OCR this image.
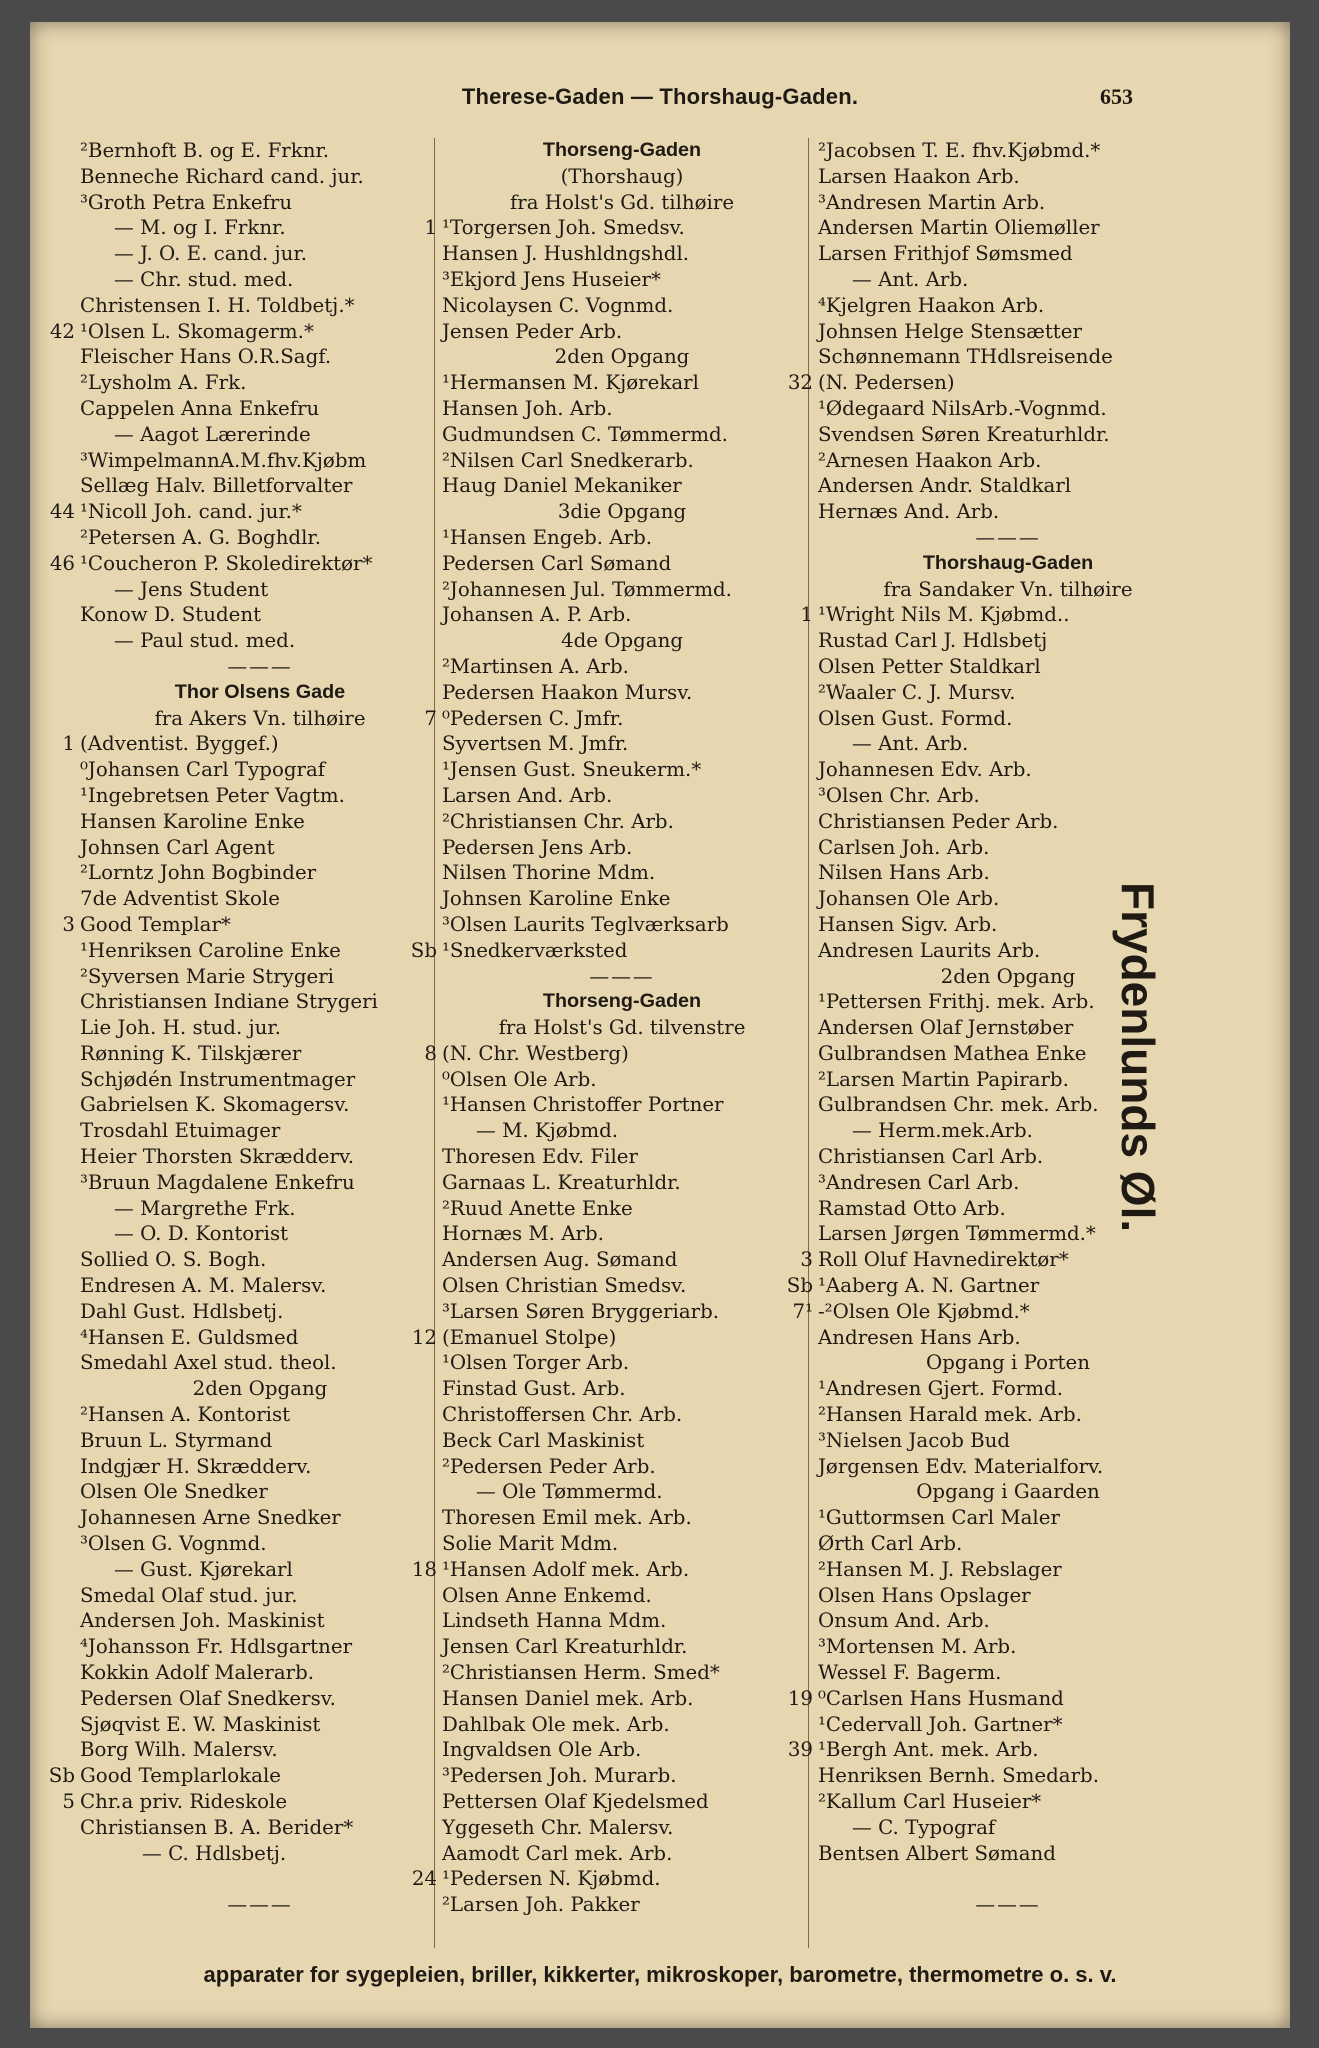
Therese-Gaden — Thorshaug-Gaden.	653
²Bernhoft B. og E. Frknr.
Benneche Richard cand. jur.
³Groth Petra Enkefru
— M. og I. Frknr.
— J. O. E. cand. jur.
— Chr. stud. med.
Christensen I. H. Toldbetj.*
42 ¹Olsen L. Skomagerm.*
Fleischer Hans O.R.Sagf.
²Lysholm A. Frk.
Cappelen Anna Enkefru
— Aagot Lærerinde
³WimpelmannA.M.fhv.Kjøbm
Sellæg Halv. Billetforvalter
44 ¹Nicoll Joh. cand. jur.*
²Petersen A. G. Boghdlr.
46 ¹Coucheron P. Skoledirektør*
— Jens Student
Konow D. Student
— Paul stud. med.
———
Thor Olsens Gade
fra Akers Vn. tilhøire
1 (Adventist. Byggef.)
⁰Johansen Carl Typograf
¹Ingebretsen Peter Vagtm.
Hansen Karoline Enke
Johnsen Carl Agent
²Lorntz John Bogbinder
7de Adventist Skole
3 Good Templar*
¹Henriksen Caroline Enke
²Syversen Marie Strygeri
Christiansen Indiane Strygeri
Lie Joh. H. stud. jur.
Rønning K. Tilskjærer
Schjødén Instrumentmager
Gabrielsen K. Skomagersv.
Trosdahl Etuimager
Heier Thorsten Skrædderv.
³Bruun Magdalene Enkefru
— Margrethe Frk.
— O. D. Kontorist
Sollied O. S. Bogh.
Endresen A. M. Malersv.
Dahl Gust. Hdlsbetj.
⁴Hansen E. Guldsmed
Smedahl Axel stud. theol.
2den Opgang
²Hansen A. Kontorist
Bruun L. Styrmand
Indgjær H. Skrædderv.
Olsen Ole Snedker
Johannesen Arne Snedker
³Olsen G. Vognmd.
— Gust. Kjørekarl
Smedal Olaf stud. jur.
Andersen Joh. Maskinist
⁴Johansson Fr. Hdlsgartner
Kokkin Adolf Malerarb.
Pedersen Olaf Snedkersv.
Sjøqvist E. W. Maskinist
Borg Wilh. Malersv.
Sb Good Templarlokale
5 Chr.a priv. Rideskole
Christiansen B. A. Berider*
— C. Hdlsbetj.
———
Thorseng-Gaden
(Thorshaug)
fra Holst's Gd. tilhøire
1 ¹Torgersen Joh. Smedsv.
Hansen J. Hushldngshdl.
³Ekjord Jens Huseier*
Nicolaysen C. Vognmd.
Jensen Peder Arb.
2den Opgang
¹Hermansen M. Kjørekarl
Hansen Joh. Arb.
Gudmundsen C. Tømmermd.
²Nilsen Carl Snedkerarb.
Haug Daniel Mekaniker
3die Opgang
¹Hansen Engeb. Arb.
Pedersen Carl Sømand
²Johannesen Jul. Tømmermd.
Johansen A. P. Arb.
4de Opgang
²Martinsen A. Arb.
Pedersen Haakon Mursv.
7 ⁰Pedersen C. Jmfr.
Syvertsen M. Jmfr.
¹Jensen Gust. Sneukerm.*
Larsen And. Arb.
²Christiansen Chr. Arb.
Pedersen Jens Arb.
Nilsen Thorine Mdm.
Johnsen Karoline Enke
³Olsen Laurits Teglværksarb
Sb ¹Snedkerværksted
———
Thorseng-Gaden
fra Holst's Gd. tilvenstre
8 (N. Chr. Westberg)
⁰Olsen Ole Arb.
¹Hansen Christoffer Portner
— M. Kjøbmd.
Thoresen Edv. Filer
Garnaas L. Kreaturhldr.
²Ruud Anette Enke
Hornæs M. Arb.
Andersen Aug. Sømand
Olsen Christian Smedsv.
³Larsen Søren Bryggeriarb.
12 (Emanuel Stolpe)
¹Olsen Torger Arb.
Finstad Gust. Arb.
Christoffersen Chr. Arb.
Beck Carl Maskinist
²Pedersen Peder Arb.
— Ole Tømmermd.
Thoresen Emil mek. Arb.
Solie Marit Mdm.
18 ¹Hansen Adolf mek. Arb.
Olsen Anne Enkemd.
Lindseth Hanna Mdm.
Jensen Carl Kreaturhldr.
²Christiansen Herm. Smed*
Hansen Daniel mek. Arb.
Dahlbak Ole mek. Arb.
Ingvaldsen Ole Arb.
³Pedersen Joh. Murarb.
Pettersen Olaf Kjedelsmed
Yggeseth Chr. Malersv.
Aamodt Carl mek. Arb.
24 ¹Pedersen N. Kjøbmd.
²Larsen Joh. Pakker
²Jacobsen T. E. fhv.Kjøbmd.*
Larsen Haakon Arb.
³Andresen Martin Arb.
Andersen Martin Oliemøller
Larsen Frithjof Sømsmed
— Ant. Arb.
⁴Kjelgren Haakon Arb.
Johnsen Helge Stensætter
Schønnemann THdlsreisende
32 (N. Pedersen)
¹Ødegaard NilsArb.-Vognmd.
Svendsen Søren Kreaturhldr.
²Arnesen Haakon Arb.
Andersen Andr. Staldkarl
Hernæs And. Arb.
———
Thorshaug-Gaden
fra Sandaker Vn. tilhøire
1 ¹Wright Nils M. Kjøbmd..
Rustad Carl J. Hdlsbetj
Olsen Petter Staldkarl
²Waaler C. J. Mursv.
Olsen Gust. Formd.
— Ant. Arb.
Johannesen Edv. Arb.
³Olsen Chr. Arb.
Christiansen Peder Arb.
Carlsen Joh. Arb.
Nilsen Hans Arb.
Johansen Ole Arb.
Hansen Sigv. Arb.
Andresen Laurits Arb.
2den Opgang
¹Pettersen Frithj. mek. Arb.
Andersen Olaf Jernstøber
Gulbrandsen Mathea Enke
²Larsen Martin Papirarb.
Gulbrandsen Chr. mek. Arb.
— Herm.mek.Arb.
Christiansen Carl Arb.
³Andresen Carl Arb.
Ramstad Otto Arb.
Larsen Jørgen Tømmermd.*
3 Roll Oluf Havnedirektør*
Sb ¹Aaberg A. N. Gartner
7¹ -²Olsen Ole Kjøbmd.*
Andresen Hans Arb.
Opgang i Porten
¹Andresen Gjert. Formd.
²Hansen Harald mek. Arb.
³Nielsen Jacob Bud
Jørgensen Edv. Materialforv.
Opgang i Gaarden
¹Guttormsen Carl Maler
Ørth Carl Arb.
²Hansen M. J. Rebslager
Olsen Hans Opslager
Onsum And. Arb.
³Mortensen M. Arb.
Wessel F. Bagerm.
19 ⁰Carlsen Hans Husmand
¹Cedervall Joh. Gartner*
39 ¹Bergh Ant. mek. Arb.
Henriksen Bernh. Smedarb.
²Kallum Carl Huseier*
— C. Typograf
Bentsen Albert Sømand
———
Frydenlunds Øl.
apparater for sygepleien, briller, kikkerter, mikroskoper, barometre, thermometre o. s. v.
